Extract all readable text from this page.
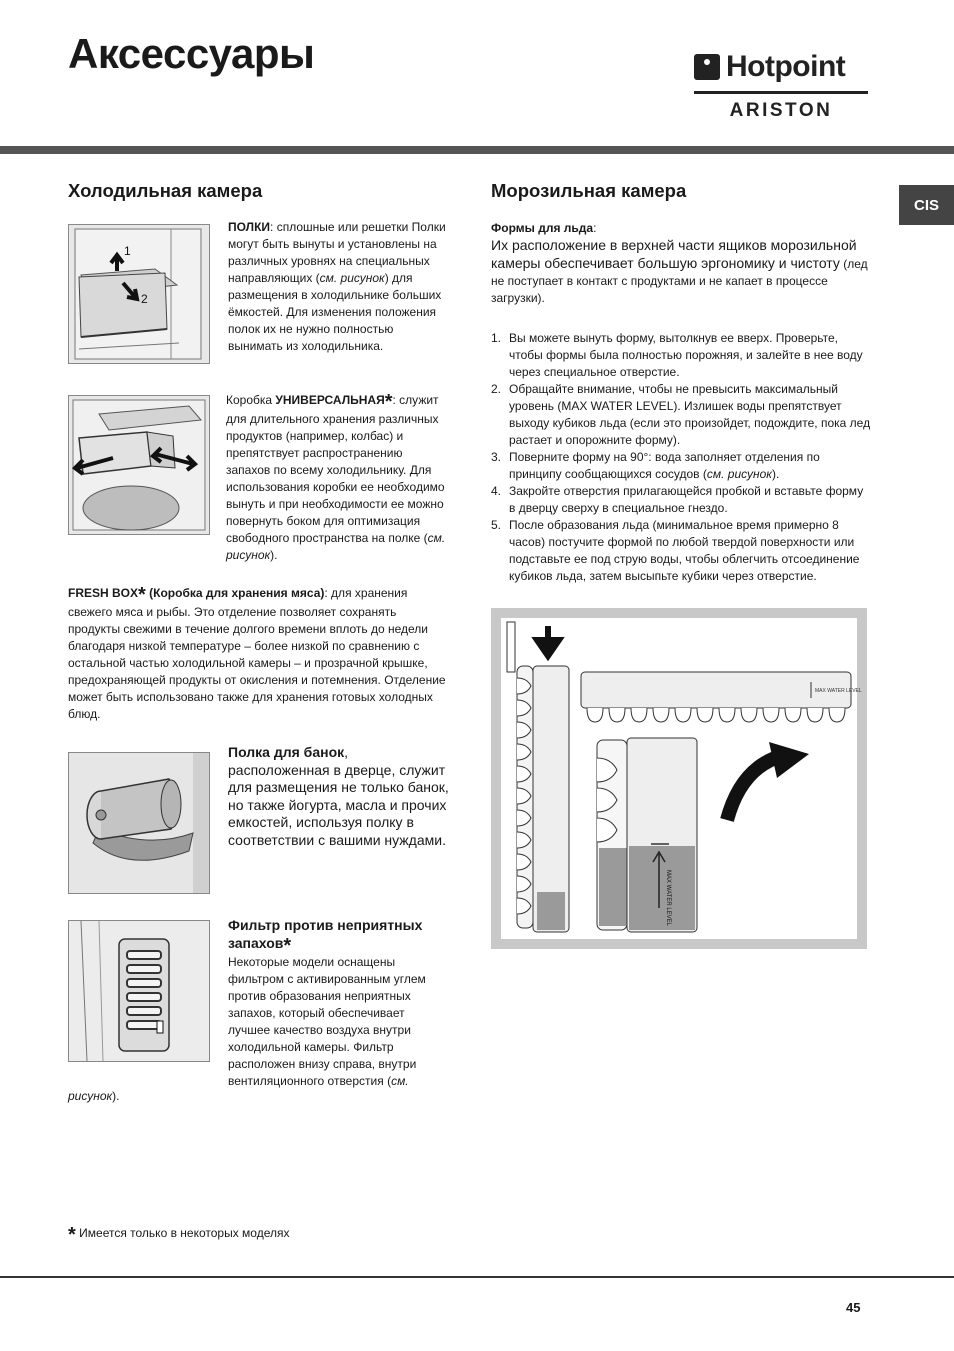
Аксессуары	Hotpoint
ARISTON
CIS
Холодильная камера
1
2
ПОЛКИ: сплошные или решетки Полки могут быть вынуты и установлены на различных уровнях на специальных направляющих (см. рисунок) для размещения в холодильнике больших ёмкостей. Для изменения положения полок их не нужно полностью вынимать из холодильника.
Коробка УНИВЕРСАЛЬНАЯ*: служит для длительного хранения различных продуктов (например, колбас) и препятствует распространению запахов по всему холодильнику. Для использования коробки ее необходимо вынуть и при необходимости ее можно повернуть боком для оптимизация свободного пространства на полке (см. рисунок).
FRESH BOX* (Коробка для хранения мяса): для хранения свежего мяса и рыбы. Это отделение позволяет сохранять продукты свежими в течение долгого времени вплоть до недели благодаря низкой температуре – более низкой по сравнению с остальной частью холодильной камеры – и прозрачной крышке, предохраняющей продукты от окисления и потемнения. Отделение может быть использовано также для хранения готовых холодных блюд.
Полка для банок, расположенная в дверце, служит для размещения не только банок, но также йогурта, масла и прочих емкостей, используя полку в соответствии с вашими нуждами.
Фильтр против неприятных запахов*
Некоторые модели оснащены фильтром с активированным углем против образования неприятных запахов, который обеспечивает лучшее качество воздуха внутри холодильной камеры. Фильтр расположен внизу справа, внутри вентиляционного отверстия (см.
рисунок).
Морозильная камера
Формы для льда:
Их расположение в верхней части ящиков морозильной камеры обеспечивает большую эргономику и чистоту (лед не поступает в контакт с продуктами и не капает в процессе загрузки).
1. Вы можете вынуть форму, вытолкнув ее вверх. Проверьте, чтобы формы была полностью порожняя, и залейте в нее воду через специальное отверстие.
2. Обращайте внимание, чтобы не превысить максимальный уровень (MAX WATER LEVEL). Излишек воды препятствует выходу кубиков льда (если это произойдет, подождите, пока лед растает и опорожните форму).
3. Поверните форму на 90°: вода заполняет отделения по принципу сообщающихся сосудов (см. рисунок).
4. Закройте отверстия прилагающейся пробкой и вставьте форму в дверцу сверху в специальное гнездо.
5. После образования льда (минимальное время примерно 8 часов) постучите формой по любой твердой поверхности или подставьте ее под струю воды, чтобы облегчить отсоединение кубиков льда, затем высыпьте кубики через отверстие.
MAX WATER LEVEL
MAX WATER LEVEL
* Имеется только в некоторых моделях
45
